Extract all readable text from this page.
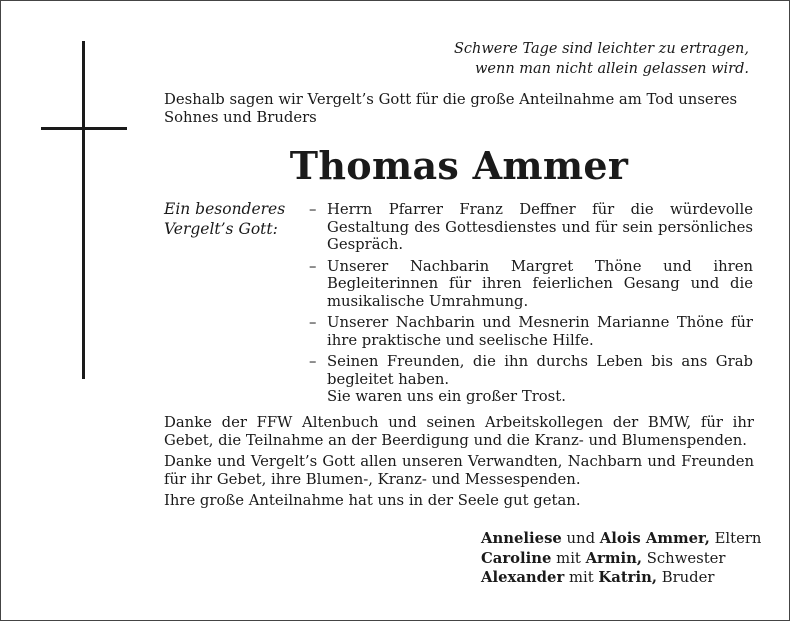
Schwere Tage sind leichter zu ertragen,
wenn man nicht allein gelassen wird.
Deshalb sagen wir Vergelt’s Gott für die große Anteilnahme am Tod unseres Sohnes und Bruders
Thomas Ammer
Ein besonderes
Vergelt’s Gott:
– Herrn Pfarrer Franz Deffner für die würdevolle Gestaltung des Gottesdienstes und für sein persönliches Gespräch.
– Unserer Nachbarin Margret Thöne und ihren Begleiterinnen für ihren feierlichen Gesang und die musikalische Umrahmung.
– Unserer Nachbarin und Mesnerin Marianne Thöne für ihre praktische und seelische Hilfe.
– Seinen Freunden, die ihn durchs Leben bis ans Grab begleitet haben.
Sie waren uns ein großer Trost.

Danke der FFW Altenbuch und seinen Arbeitskollegen der BMW, für ihr Gebet, die Teilnahme an der Beerdigung und die Kranz- und Blumenspenden.

Danke und Vergelt’s Gott allen unseren Verwandten, Nachbarn und Freunden für ihr Gebet, ihre Blumen-, Kranz- und Messespenden.

Ihre große Anteilnahme hat uns in der Seele gut getan.

Anneliese und Alois Ammer, Eltern
Caroline mit Armin, Schwester
Alexander mit Katrin, Bruder
